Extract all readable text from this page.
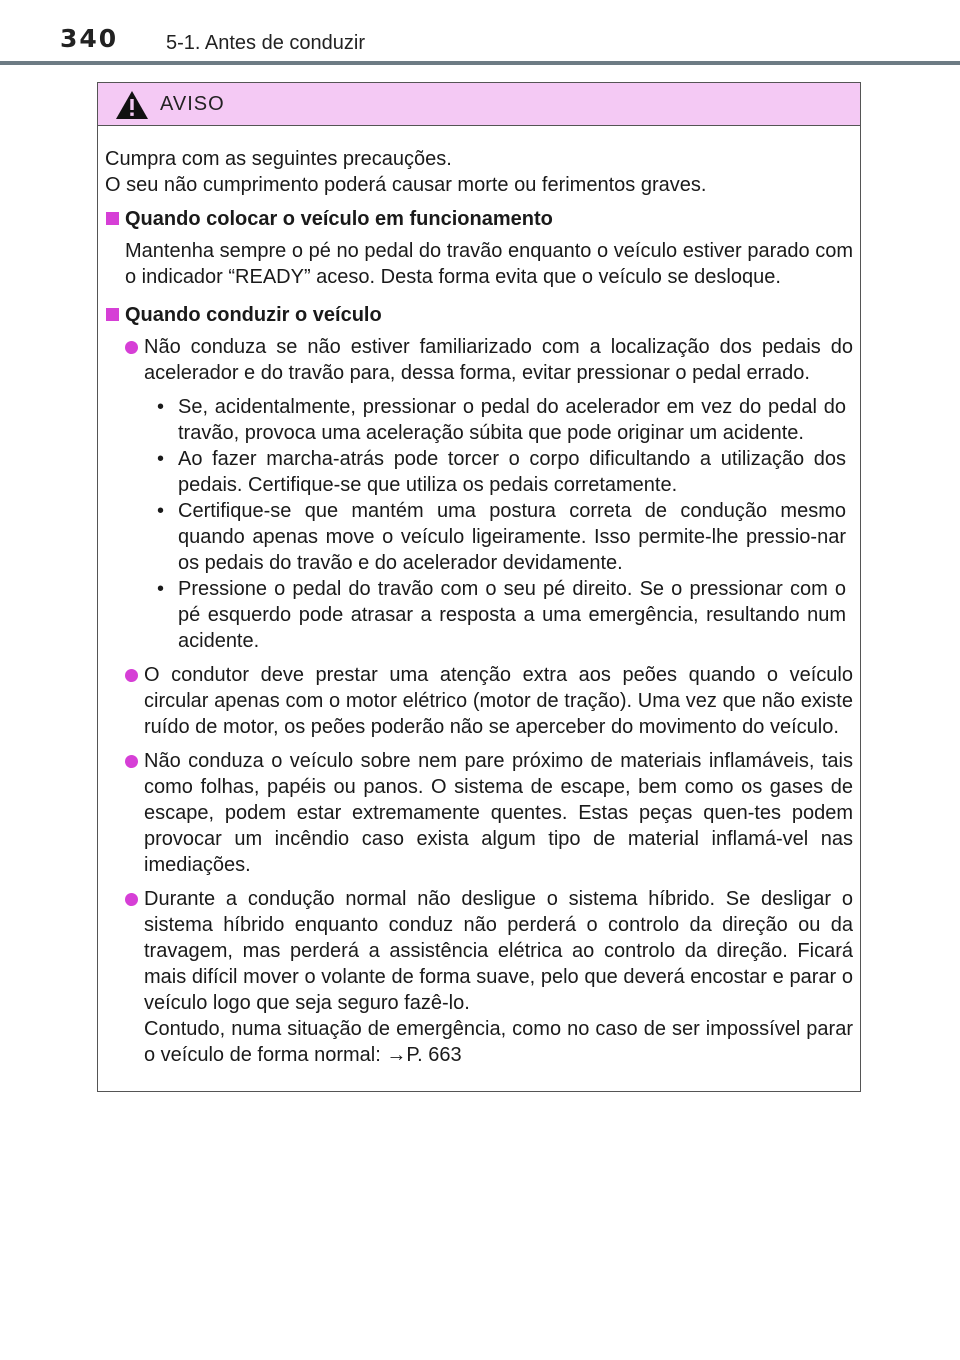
340 5-1. Antes de conduzir
AVISO

Cumpra com as seguintes precauções.
O seu não cumprimento poderá causar morte ou ferimentos graves.

Quando colocar o veículo em funcionamento

Mantenha sempre o pé no pedal do travão enquanto o veículo estiver parado com o indicador “READY” aceso. Desta forma evita que o veículo se desloque.

Quando conduzir o veículo
Não conduza se não estiver familiarizado com a localização dos pedais do acelerador e do travão para, dessa forma, evitar pressionar o pedal errado.
• Se, acidentalmente, pressionar o pedal do acelerador em vez do pedal do travão, provoca uma aceleração súbita que pode originar um acidente.
• Ao fazer marcha-atrás pode torcer o corpo dificultando a utilização dos pedais. Certifique-se que utiliza os pedais corretamente.
• Certifique-se que mantém uma postura correta de condução mesmo quando apenas move o veículo ligeiramente. Isso permite-lhe pressio-nar os pedais do travão e do acelerador devidamente.
• Pressione o pedal do travão com o seu pé direito. Se o pressionar com o pé esquerdo pode atrasar a resposta a uma emergência, resultando num acidente.
O condutor deve prestar uma atenção extra aos peões quando o veículo circular apenas com o motor elétrico (motor de tração). Uma vez que não existe ruído de motor, os peões poderão não se aperceber do movimento do veículo.
Não conduza o veículo sobre nem pare próximo de materiais inflamáveis, tais como folhas, papéis ou panos. O sistema de escape, bem como os gases de escape, podem estar extremamente quentes. Estas peças quen-tes podem provocar um incêndio caso exista algum tipo de material inflamá-vel nas imediações.
Durante a condução normal não desligue o sistema híbrido. Se desligar o sistema híbrido enquanto conduz não perderá o controlo da direção ou da travagem, mas perderá a assistência elétrica ao controlo da direção. Ficará mais difícil mover o volante de forma suave, pelo que deverá encostar e parar o veículo logo que seja seguro fazê-lo.
Contudo, numa situação de emergência, como no caso de ser impossível parar o veículo de forma normal: →P. 663
